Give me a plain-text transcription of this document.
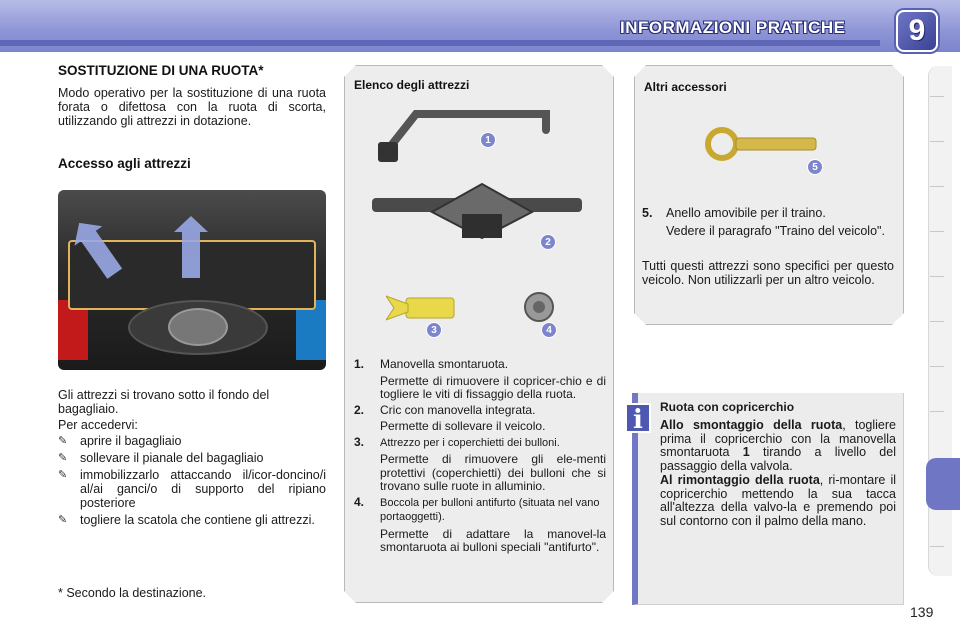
INFORMAZIONI PRATICHE	9
SOSTITUZIONE DI UNA RUOTA*
Modo operativo per la sostituzione di una ruota forata o difettosa con la ruota di scorta, utilizzando gli attrezzi in dotazione.
Accesso agli attrezzi
Gli attrezzi si trovano sotto il fondo del bagagliaio.
Per accedervi:
✎ aprire il bagagliaio
✎ sollevare il pianale del bagagliaio
✎ immobilizzarlo attaccando il/icor-doncino/i al/ai ganci/o di supporto del ripiano posteriore
✎ togliere la scatola che contiene gli attrezzi.
* Secondo la destinazione.
Elenco degli attrezzi
1
2
3	4
1. Manovella smontaruota.
Permette di rimuovere il copricer-chio e di togliere le viti di fissaggio della ruota.
2. Cric con manovella integrata.
Permette di sollevare il veicolo.
3. Attrezzo per i coperchietti dei bulloni.
Permette di rimuovere gli ele-menti protettivi (coperchietti) dei bulloni che si trovano sulle ruote in alluminio.
4. Boccola per bulloni antifurto (situata nel vano portaoggetti).
Permette di adattare la manovel-la smontaruota ai bulloni speciali "antifurto".
Altri accessori
5
5.	Anello amovibile per il traino.
Vedere il paragrafo "Traino del veicolo".
Tutti questi attrezzi sono specifici per questo veicolo. Non utilizzarli per un altro veicolo.
i	Ruota con copricerchio
Allo smontaggio della ruota, togliere prima il copricerchio con la manovella smontaruota 1 tirando a livello del passaggio della valvola.
Al rimontaggio della ruota, ri-montare il copricerchio mettendo la sua tacca all'altezza della valvo-la e premendo poi sul contorno con il palmo della mano.
139
